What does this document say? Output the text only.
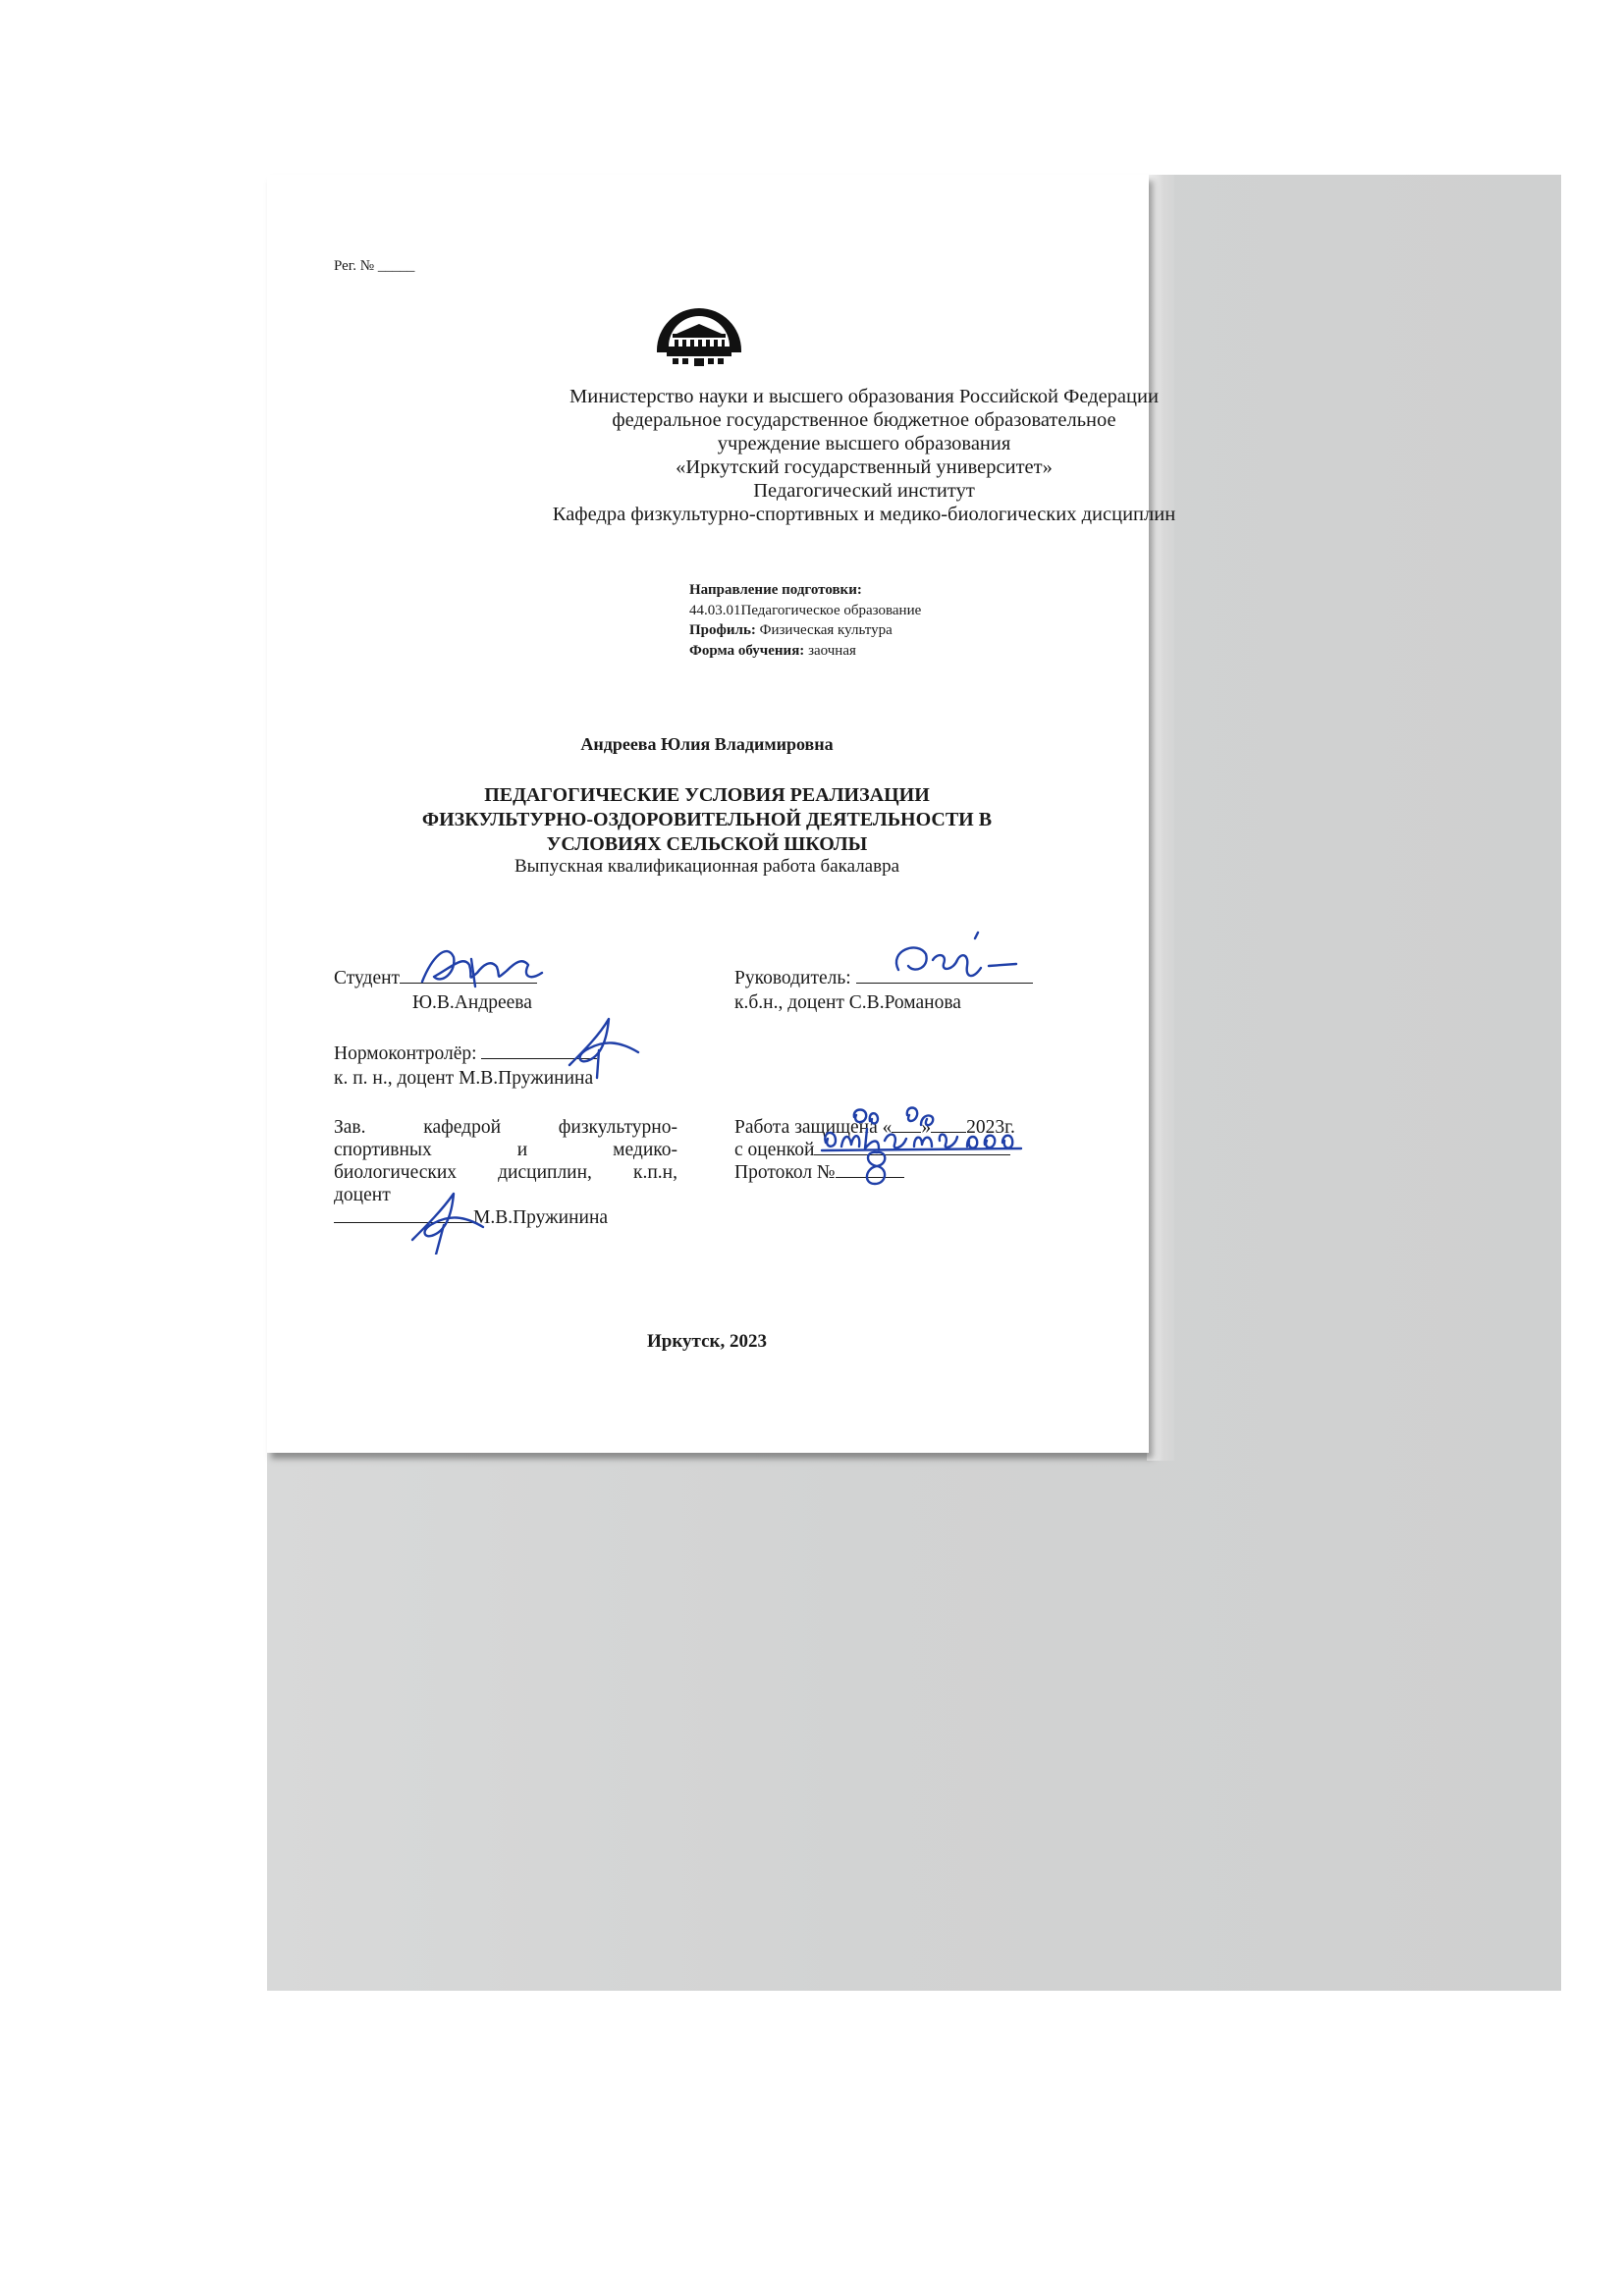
Рег. № _____
Министерство науки и высшего образования Российской Федерации
федеральное государственное бюджетное образовательное
учреждение высшего образования
«Иркутский государственный университет»
Педагогический институт
Кафедра физкультурно-спортивных и медико-биологических дисциплин
Направление подготовки:
44.03.01Педагогическое образование
Профиль: Физическая культура
Форма обучения: заочная
Андреева Юлия Владимировна
ПЕДАГОГИЧЕСКИЕ УСЛОВИЯ РЕАЛИЗАЦИИ
ФИЗКУЛЬТУРНО-ОЗДОРОВИТЕЛЬНОЙ ДЕЯТЕЛЬНОСТИ В
УСЛОВИЯХ СЕЛЬСКОЙ ШКОЛЫ
Выпускная квалификационная работа бакалавра
Студент
Ю.В.Андреева
Руководитель:
к.б.н., доцент С.В.Романова
Нормоконтролёр:
к. п. н., доцент М.В.Пружинина
Зав.	кафедрой	физкультурно-
спортивных	и	медико-
биологических дисциплин, к.п.н,
доцент
М.В.Пружинина
Работа защищена « » 2023г.
с оценкой
Протокол №
Иркутск, 2023
